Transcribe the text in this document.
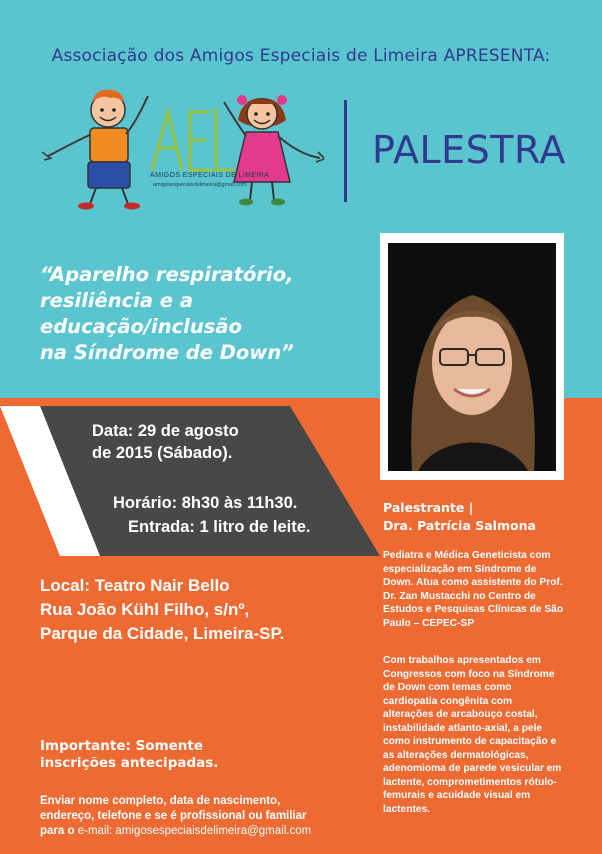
Associação dos Amigos Especiais de Limeira APRESENTA:
AMIGOS ESPECIAIS DE LIMEIRA
amigosespeciaisdelimeira@gmail.com
PALESTRA
“Aparelho respiratório,
resiliência e a
educação/inclusão
na Síndrome de Down”
Data: 29 de agosto
de 2015 (Sábado).
Horário: 8h30 às 11h30.
Entrada: 1 litro de leite.
Local: Teatro Nair Bello
Rua João Kühl Filho, s/nº,
Parque da Cidade, Limeira-SP.
Importante: Somente
inscrições antecipadas.
Enviar nome completo, data de nascimento,
endereço, telefone e se é profissional ou familiar
para o e-mail: amigosespeciaisdelimeira@gmail.com
Palestrante |
Dra. Patrícia Salmona
Pediatra e Médica Geneticista com
especialização em Síndrome de
Down. Atua como assistente do Prof.
Dr. Zan Mustacchi no Centro de
Estudos e Pesquisas Clínicas de São
Paulo – CEPEC-SP
Com trabalhos apresentados em
Congressos com foco na Síndrome
de Down com temas como
cardiopatia congênita com
alterações de arcabouço costal,
instabilidade atlanto-axial, a pele
como instrumento de capacitação e
as alterações dermatológicas,
adenomioma de parede vesicular em
lactente, comprometimentos rótulo-
femurais e acuidade visual em
lactentes.
